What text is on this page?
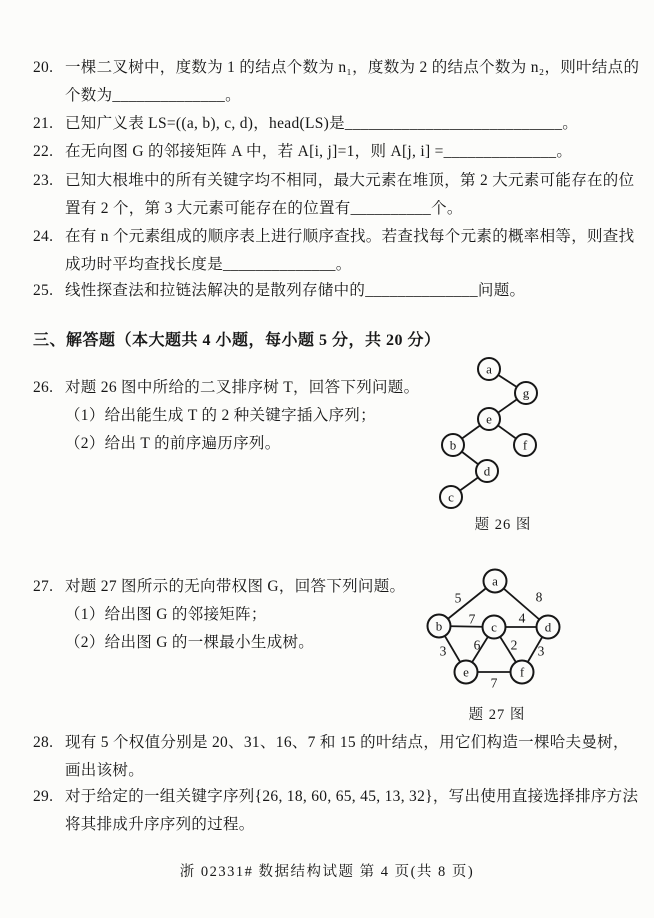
20. 一棵二叉树中，度数为 1 的结点个数为 n₁，度数为 2 的结点个数为 n₂，则叶结点的
个数为______________。
21. 已知广义表 LS=((a, b), c, d)，head(LS)是___________________________。
22. 在无向图 G 的邻接矩阵 A 中，若 A[i, j]=1，则 A[j, i] =______________。
23. 已知大根堆中的所有关键字均不相同，最大元素在堆顶，第 2 大元素可能存在的位
置有 2 个，第 3 大元素可能存在的位置有__________个。
24. 在有 n 个元素组成的顺序表上进行顺序查找。若查找每个元素的概率相等，则查找
成功时平均查找长度是______________。
25. 线性探查法和拉链法解决的是散列存储中的______________问题。
三、解答题（本大题共 4 小题，每小题 5 分，共 20 分）
26. 对题 26 图中所给的二叉排序树 T，回答下列问题。
（1）给出能生成 T 的 2 种关键字插入序列；
（2）给出 T 的前序遍历序列。
a
g
e
b	f
d
c
题 26 图
27. 对题 27 图所示的无向带权图 G，回答下列问题。
（1）给出图 G 的邻接矩阵；
（2）给出图 G 的一棵最小生成树。
a
b	c	d
e	f
5	8
7	4
3 6 2 3
7
题 27 图
28. 现有 5 个权值分别是 20、31、16、7 和 15 的叶结点，用它们构造一棵哈夫曼树，
画出该树。
29. 对于给定的一组关键字序列{26, 18, 60, 65, 45, 13, 32}，写出使用直接选择排序方法
将其排成升序序列的过程。
浙 02331# 数据结构试题 第 4 页(共 8 页)
